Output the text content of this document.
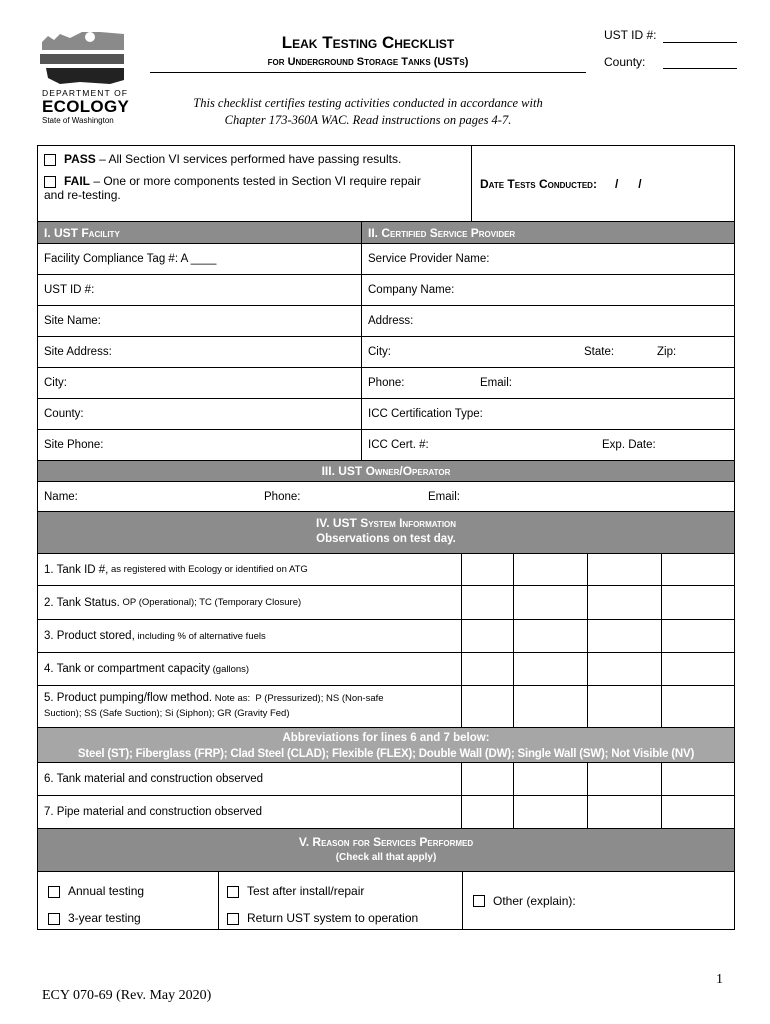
DEPARTMENT OF
ECOLOGY
State of Washington
Leak Testing Checklist
for Underground Storage Tanks (USTs)
UST ID #:
County:
This checklist certifies testing activities conducted in accordance with
Chapter 173-360A WAC. Read instructions on pages 4-7.
PASS – All Section VI services performed have passing results.
FAIL – One or more components tested in Section VI require repair
and re-testing.
Date Tests Conducted: /      /
I. UST Facility	II. Certified Service Provider
Facility Compliance Tag #: A ____	Service Provider Name:
UST ID #:	Company Name:
Site Name:	Address:
Site Address:	City:	State:	Zip:
City:	Phone:	Email:
County:	ICC Certification Type:
Site Phone:	ICC Cert. #:	Exp. Date:
III. UST Owner/Operator
Name:	Phone:	Email:
IV. UST System Information
Observations on test day.
1. Tank ID #, as registered with Ecology or identified on ATG
2. Tank Status. OP (Operational); TC (Temporary Closure)
3. Product stored, including % of alternative fuels
4. Tank or compartment capacity (gallons)
5. Product pumping/flow method. Note as:  P (Pressurized); NS (Non-safe
Suction); SS (Safe Suction); Si (Siphon); GR (Gravity Fed)
Abbreviations for lines 6 and 7 below:
Steel (ST); Fiberglass (FRP); Clad Steel (CLAD); Flexible (FLEX); Double Wall (DW); Single Wall (SW); Not Visible (NV)
6. Tank material and construction observed
7. Pipe material and construction observed
V. Reason for Services Performed
(Check all that apply)
Annual testing
3-year testing
Test after install/repair
Return UST system to operation
Other (explain):
1
ECY 070-69 (Rev. May 2020)
